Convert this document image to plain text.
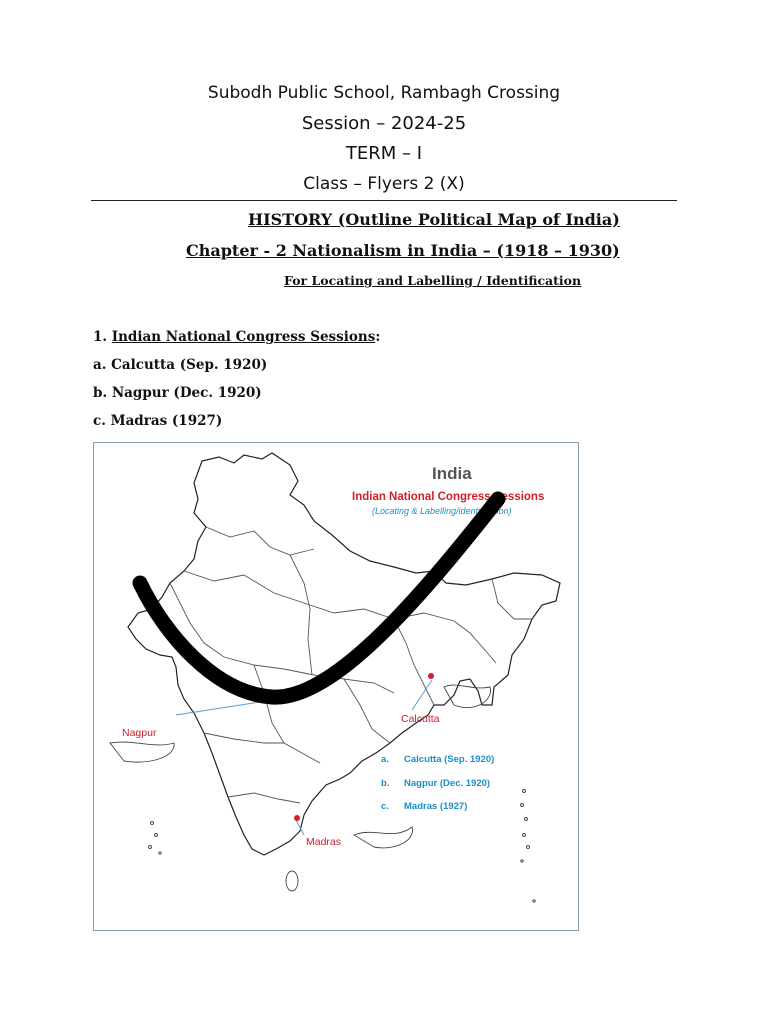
Subodh Public School, Rambagh Crossing
Session – 2024-25
TERM – I
Class – Flyers 2 (X)
HISTORY (Outline Political Map of India)
Chapter - 2 Nationalism in India – (1918 – 1930)
For Locating and Labelling / Identification
1. Indian National Congress Sessions:
a. Calcutta (Sep. 1920)
b. Nagpur (Dec. 1920)
c. Madras (1927)
India
Indian National Congress Sessions
(Locating & Labelling/identification)
Calcutta
Nagpur
Madras
a. Calcutta (Sep. 1920)
b. Nagpur (Dec. 1920)
c. Madras (1927)
